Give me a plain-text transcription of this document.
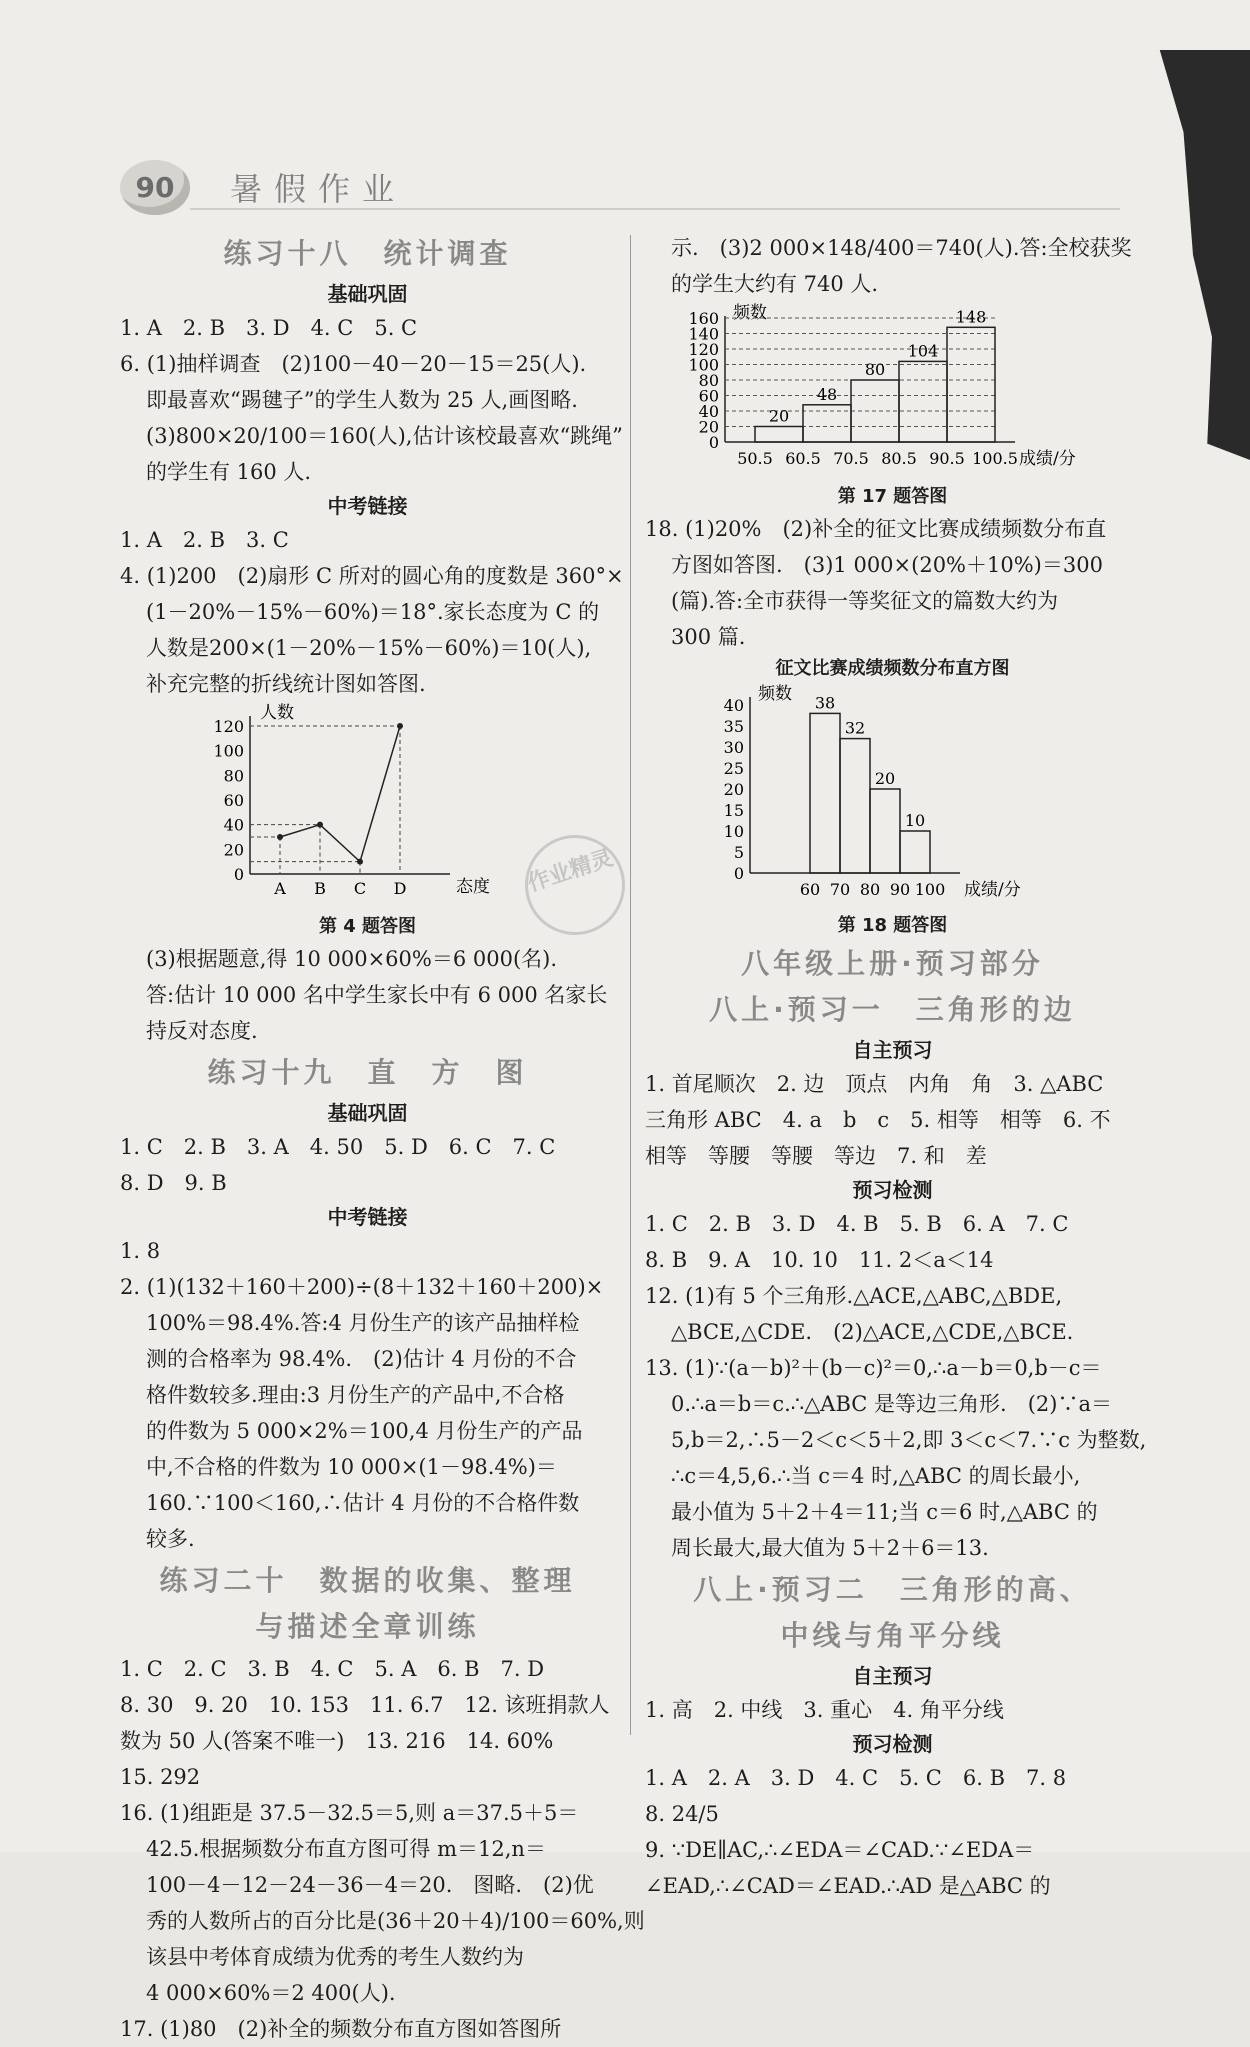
90	暑假作业
练习十八　统计调查
基础巩固
1. A　2. B　3. D　4. C　5. C
6. (1)抽样调查　(2)100－40－20－15＝25(人).
即最喜欢“踢毽子”的学生人数为 25 人,画图略.
(3)800×20/100＝160(人),估计该校最喜欢“跳绳”
的学生有 160 人.
中考链接
1. A　2. B　3. C
4. (1)200　(2)扇形 C 所对的圆心角的度数是 360°×
(1－20%－15%－60%)＝18°.家长态度为 C 的
人数是200×(1－20%－15%－60%)＝10(人),
补充完整的折线统计图如答图.
人数
态度
0
20
40
60
80
100
120
A B C D
第 4 题答图
(3)根据题意,得 10 000×60%＝6 000(名).
答:估计 10 000 名中学生家长中有 6 000 名家长
持反对态度.
练习十九　直　方　图
基础巩固
1. C　2. B　3. A　4. 50　5. D　6. C　7. C
8. D　9. B
中考链接
1. 8
2. (1)(132＋160＋200)÷(8＋132＋160＋200)×
100%＝98.4%.答:4 月份生产的该产品抽样检
测的合格率为 98.4%.　(2)估计 4 月份的不合
格件数较多.理由:3 月份生产的产品中,不合格
的件数为 5 000×2%＝100,4 月份生产的产品
中,不合格的件数为 10 000×(1－98.4%)＝
160.∵100＜160,∴估计 4 月份的不合格件数
较多.
练习二十　数据的收集、整理
与描述全章训练
1. C　2. C　3. B　4. C　5. A　6. B　7. D
8. 30　9. 20　10. 153　11. 6.7　12. 该班捐款人
数为 50 人(答案不唯一)　13. 216　14. 60%
15. 292
16. (1)组距是 37.5－32.5＝5,则 a＝37.5＋5＝
42.5.根据频数分布直方图可得 m＝12,n＝
100－4－12－24－36－4＝20.　图略.　(2)优
秀的人数所占的百分比是(36＋20＋4)/100＝60%,则
该县中考体育成绩为优秀的考生人数约为
4 000×60%＝2 400(人).
17. (1)80　(2)补全的频数分布直方图如答图所
示.　(3)2 000×148/400＝740(人).答:全校获奖
的学生大约有 740 人.
频数
0
20
40
60
80
100
120
140
160
20
48
80
104
148
50.5 60.5 70.5 80.5 90.5 100.5 成绩/分
第 17 题答图
18. (1)20%　(2)补全的征文比赛成绩频数分布直
方图如答图.　(3)1 000×(20%＋10%)＝300
(篇).答:全市获得一等奖征文的篇数大约为
300 篇.
征文比赛成绩频数分布直方图
频数
0
5
10
15
20
25
30
35
40	38
32
20
10
60 70 80 90 100 成绩/分
第 18 题答图
八年级上册·预习部分
八上·预习一　三角形的边
自主预习
1. 首尾顺次　2. 边　顶点　内角　角　3. △ABC
三角形 ABC　4. a　b　c　5. 相等　相等　6. 不
相等　等腰　等腰　等边　7. 和　差
预习检测
1. C　2. B　3. D　4. B　5. B　6. A　7. C
8. B　9. A　10. 10　11. 2＜a＜14
12. (1)有 5 个三角形.△ACE,△ABC,△BDE,
△BCE,△CDE.　(2)△ACE,△CDE,△BCE.
13. (1)∵(a－b)²＋(b－c)²＝0,∴a－b＝0,b－c＝
0.∴a＝b＝c.∴△ABC 是等边三角形.　(2)∵a＝
5,b＝2,∴5－2＜c＜5＋2,即 3＜c＜7.∵c 为整数,
∴c＝4,5,6.∴当 c＝4 时,△ABC 的周长最小,
最小值为 5＋2＋4＝11;当 c＝6 时,△ABC 的
周长最大,最大值为 5＋2＋6＝13.
八上·预习二　三角形的高、
中线与角平分线
自主预习
1. 高　2. 中线　3. 重心　4. 角平分线
预习检测
1. A　2. A　3. D　4. C　5. C　6. B　7. 8
8. 24/5
9. ∵DE∥AC,∴∠EDA＝∠CAD.∵∠EDA＝
∠EAD,∴∠CAD＝∠EAD.∴AD 是△ABC 的
作业精灵
